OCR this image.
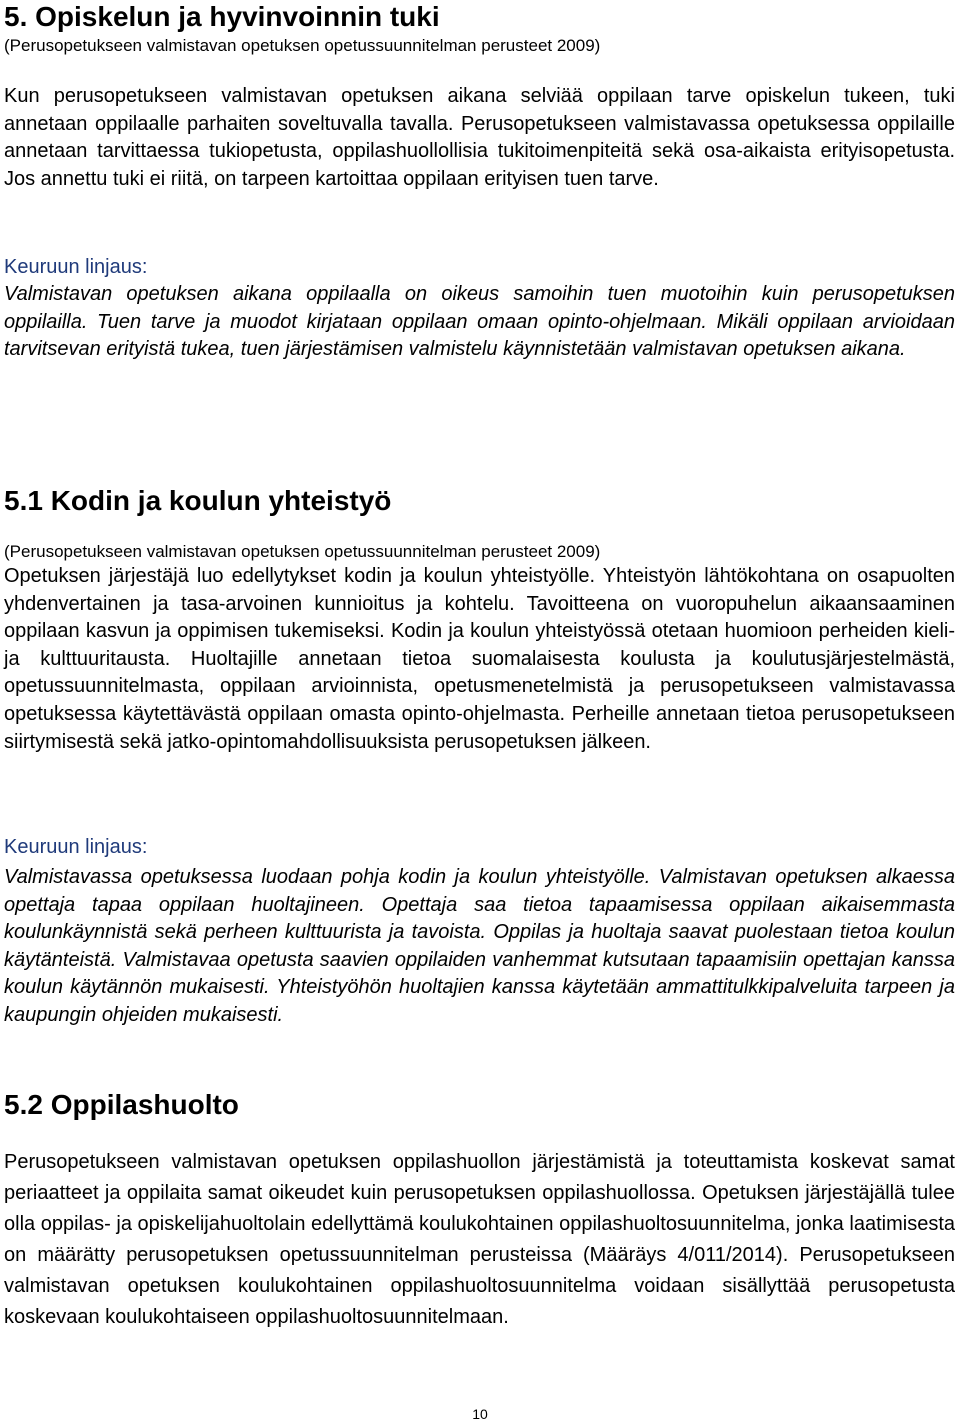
5. Opiskelun ja hyvinvoinnin tuki

(Perusopetukseen valmistavan opetuksen opetussuunnitelman perusteet 2009)

Kun perusopetukseen valmistavan opetuksen aikana selviää oppilaan tarve opiskelun tukeen, tuki annetaan oppilaalle parhaiten soveltuvalla tavalla. Perusopetukseen valmistavassa opetuksessa oppilaille annetaan tarvittaessa tukiopetusta, oppilashuollollisia tukitoimenpiteitä sekä osa-aikaista erityisopetusta. Jos annettu tuki ei riitä, on tarpeen kartoittaa oppilaan erityisen tuen tarve.

Keuruun linjaus:

Valmistavan opetuksen aikana oppilaalla on oikeus samoihin tuen muotoihin kuin perusopetuksen oppilailla. Tuen tarve ja muodot kirjataan oppilaan omaan opinto-ohjelmaan. Mikäli oppilaan arvioidaan tarvitsevan erityistä tukea, tuen järjestämisen valmistelu käynnistetään valmistavan opetuksen aikana.

5.1 Kodin ja koulun yhteistyö

(Perusopetukseen valmistavan opetuksen opetussuunnitelman perusteet 2009)

Opetuksen järjestäjä luo edellytykset kodin ja koulun yhteistyölle. Yhteistyön lähtökohtana on osapuolten yhdenvertainen ja tasa-arvoinen kunnioitus ja kohtelu. Tavoitteena on vuoropuhelun aikaansaaminen oppilaan kasvun ja oppimisen tukemiseksi. Kodin ja koulun yhteistyössä otetaan huomioon perheiden kieli- ja kulttuuritausta. Huoltajille annetaan tietoa suomalaisesta koulusta ja koulutusjärjestelmästä, opetussuunnitelmasta, oppilaan arvioinnista, opetusmenetelmistä ja perusopetukseen valmistavassa opetuksessa käytettävästä oppilaan omasta opinto-ohjelmasta. Perheille annetaan tietoa perusopetukseen siirtymisestä sekä jatko-opintomahdollisuuksista perusopetuksen jälkeen.

Keuruun linjaus:

Valmistavassa opetuksessa luodaan pohja kodin ja koulun yhteistyölle. Valmistavan opetuksen alkaessa opettaja tapaa oppilaan huoltajineen. Opettaja saa tietoa tapaamisessa oppilaan aikaisemmasta koulunkäynnistä sekä perheen kulttuurista ja tavoista. Oppilas ja huoltaja saavat puolestaan tietoa koulun käytänteistä. Valmistavaa opetusta saavien oppilaiden vanhemmat kutsutaan tapaamisiin opettajan kanssa koulun käytännön mukaisesti. Yhteistyöhön huoltajien kanssa käytetään ammattitulkkipalveluita tarpeen ja kaupungin ohjeiden mukaisesti.

5.2 Oppilashuolto

Perusopetukseen valmistavan opetuksen oppilashuollon järjestämistä ja toteuttamista koskevat samat periaatteet ja oppilaita samat oikeudet kuin perusopetuksen oppilashuollossa. Opetuksen järjestäjällä tulee olla oppilas- ja opiskelijahuoltolain edellyttämä koulukohtainen oppilashuoltosuunnitelma, jonka laatimisesta on määrätty perusopetuksen opetussuunnitelman perusteissa (Määräys 4/011/2014). Perusopetukseen valmistavan opetuksen koulukohtainen oppilashuoltosuunnitelma voidaan sisällyttää perusopetusta koskevaan koulukohtaiseen oppilashuoltosuunnitelmaan.

10
